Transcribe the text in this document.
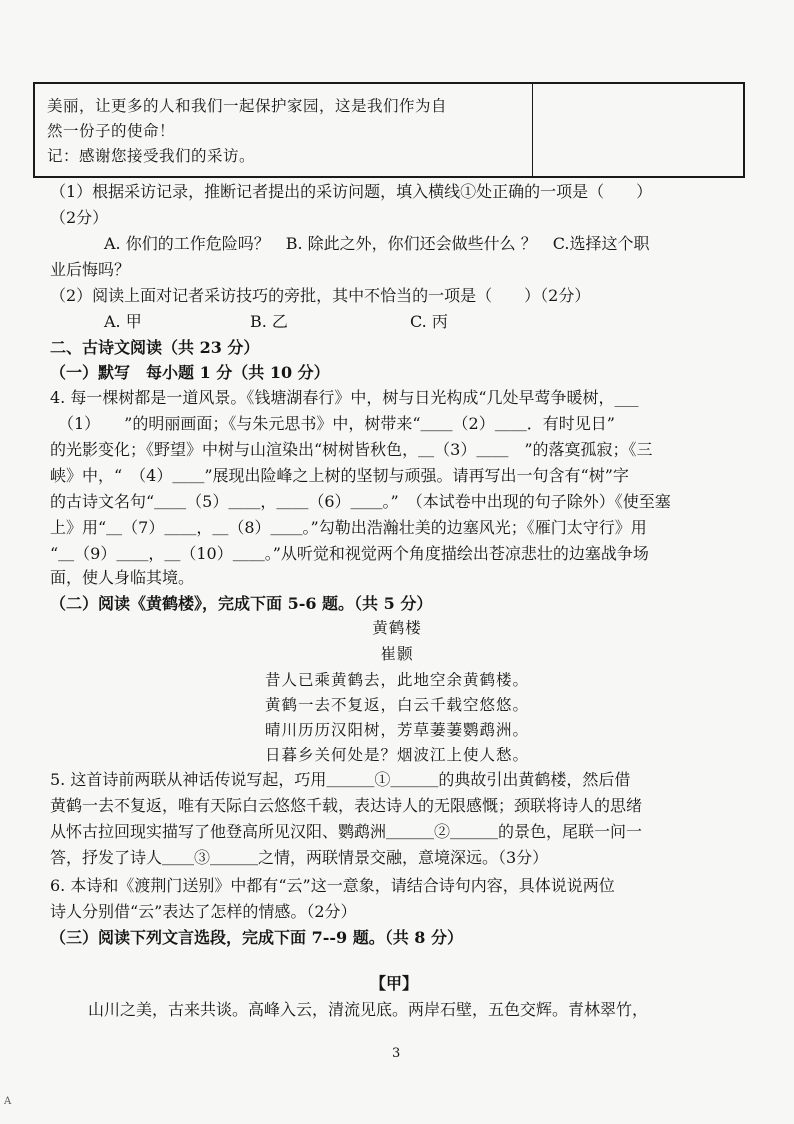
美丽，让更多的人和我们一起保护家园，这是我们作为自
然一份子的使命！
记：感谢您接受我们的采访。
（1）根据采访记录，推断记者提出的采访问题，填入横线①处正确的一项是（　　）
（2分）
A. 你们的工作危险吗？　B. 除此之外，你们还会做些什么 ？　C.选择这个职
业后悔吗？
（2）阅读上面对记者采访技巧的旁批，其中不恰当的一项是（　　）（2分）
A. 甲	B. 乙	C. 丙
二、古诗文阅读（共 23 分）
（一）默写　每小题 1 分（共 10 分）
4. 每一棵树都是一道风景。《钱塘湖春行》中，树与日光构成“几处早莺争暖树，___
　（1）　　”的明丽画面；《与朱元思书》中，树带来“＿＿（2）＿＿．有时见日”
的光影变化；《野望》中树与山渲染出“树树皆秋色，＿（3）＿＿　”的落寞孤寂；《三
峡》中，“　（4）＿＿”展现出险峰之上树的坚韧与顽强。请再写出一句含有“树”字
的古诗文名句“＿＿（5）＿＿，＿＿（6）＿＿。”　（本试卷中出现的句子除外）《使至塞
上》用“＿（7）＿＿，＿（8）＿＿。”勾勒出浩瀚壮美的边塞风光；《雁门太守行》用
“＿（9）＿＿，＿（10）＿＿。”从听觉和视觉两个角度描绘出苍凉悲壮的边塞战争场
面，使人身临其境。
（二）阅读《黄鹤楼》，完成下面 5-6 题。（共 5 分）
黄鹤楼
崔颢
昔人已乘黄鹤去，此地空余黄鹤楼。
黄鹤一去不复返，白云千载空悠悠。
晴川历历汉阳树，芳草萋萋鹦鹉洲。
日暮乡关何处是？烟波江上使人愁。
5. 这首诗前两联从神话传说写起，巧用＿＿＿①＿＿＿的典故引出黄鹤楼，然后借
黄鹤一去不复返，唯有天际白云悠悠千载，表达诗人的无限感慨；颈联将诗人的思绪
从怀古拉回现实描写了他登高所见汉阳、鹦鹉洲＿＿＿②＿＿＿的景色，尾联一问一
答，抒发了诗人＿＿③＿＿＿之情，两联情景交融，意境深远。（3分）
6. 本诗和《渡荆门送别》中都有“云”这一意象，请结合诗句内容，具体说说两位
诗人分别借“云”表达了怎样的情感。（2分）
（三）阅读下列文言选段，完成下面 7--9 题。（共 8 分）
【甲】
山川之美，古来共谈。高峰入云，清流见底。两岸石壁，五色交辉。青林翠竹，
3
A
